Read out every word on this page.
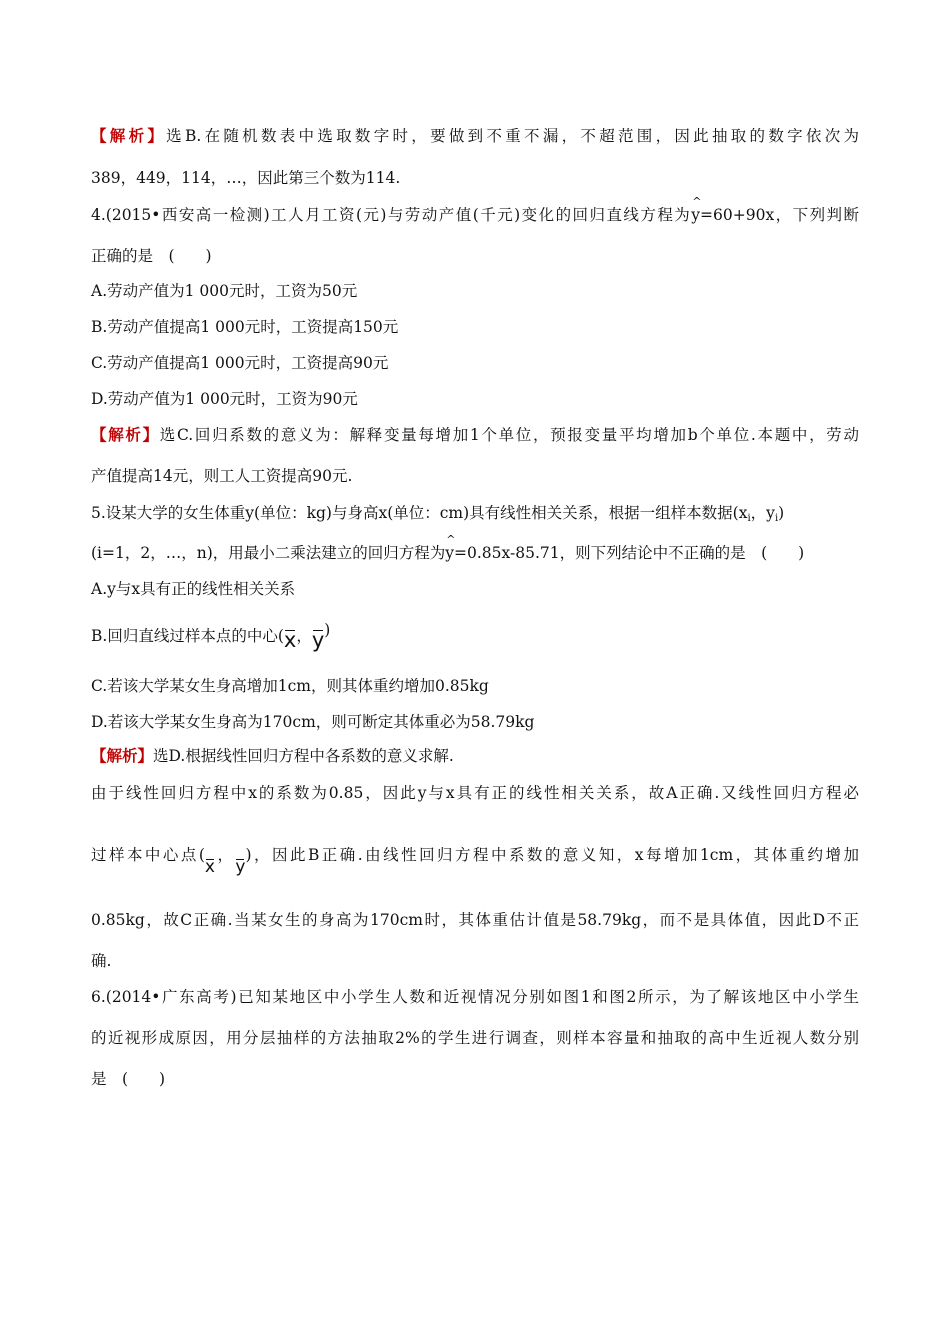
【解析】选B.在随机数表中选取数字时，要做到不重不漏，不超范围，因此抽取的数字依次为
389，449，114，…，因此第三个数为114.
4.(2015•西安高一检测)工人月工资(元)与劳动产值(千元)变化的回归直线方程为^ y=60+90x，下列判断
正确的是　(　　)
A.劳动产值为1 000元时，工资为50元
B.劳动产值提高1 000元时，工资提高150元
C.劳动产值提高1 000元时，工资提高90元
D.劳动产值为1 000元时，工资为90元
【解析】选C.回归系数的意义为：解释变量每增加1个单位，预报变量平均增加b个单位.本题中，劳动
产值提高14元，则工人工资提高90元.
5.设某大学的女生体重y(单位：kg)与身高x(单位：cm)具有线性相关关系，根据一组样本数据($x_i$，$y_i$)
(i=1，2，…，n)，用最小二乘法建立的回归方程为^ y=0.85x-85.71，则下列结论中不正确的是　(　　)
A.y与x具有正的线性相关关系
B.回归直线过样本点的中心(x，y)
C.若该大学某女生身高增加1cm，则其体重约增加0.85kg
D.若该大学某女生身高为170cm，则可断定其体重必为58.79kg
【解析】选D.根据线性回归方程中各系数的意义求解.
由于线性回归方程中x的系数为0.85，因此y与x具有正的线性相关关系，故A正确.又线性回归方程必
过样本中心点(x，y)，因此B正确.由线性回归方程中系数的意义知，x每增加1cm，其体重约增加
0.85kg，故C正确.当某女生的身高为170cm时，其体重估计值是58.79kg，而不是具体值，因此D不正
确.
6.(2014•广东高考)已知某地区中小学生人数和近视情况分别如图1和图2所示，为了解该地区中小学生
的近视形成原因，用分层抽样的方法抽取2%的学生进行调查，则样本容量和抽取的高中生近视人数分别
是　(　　)
